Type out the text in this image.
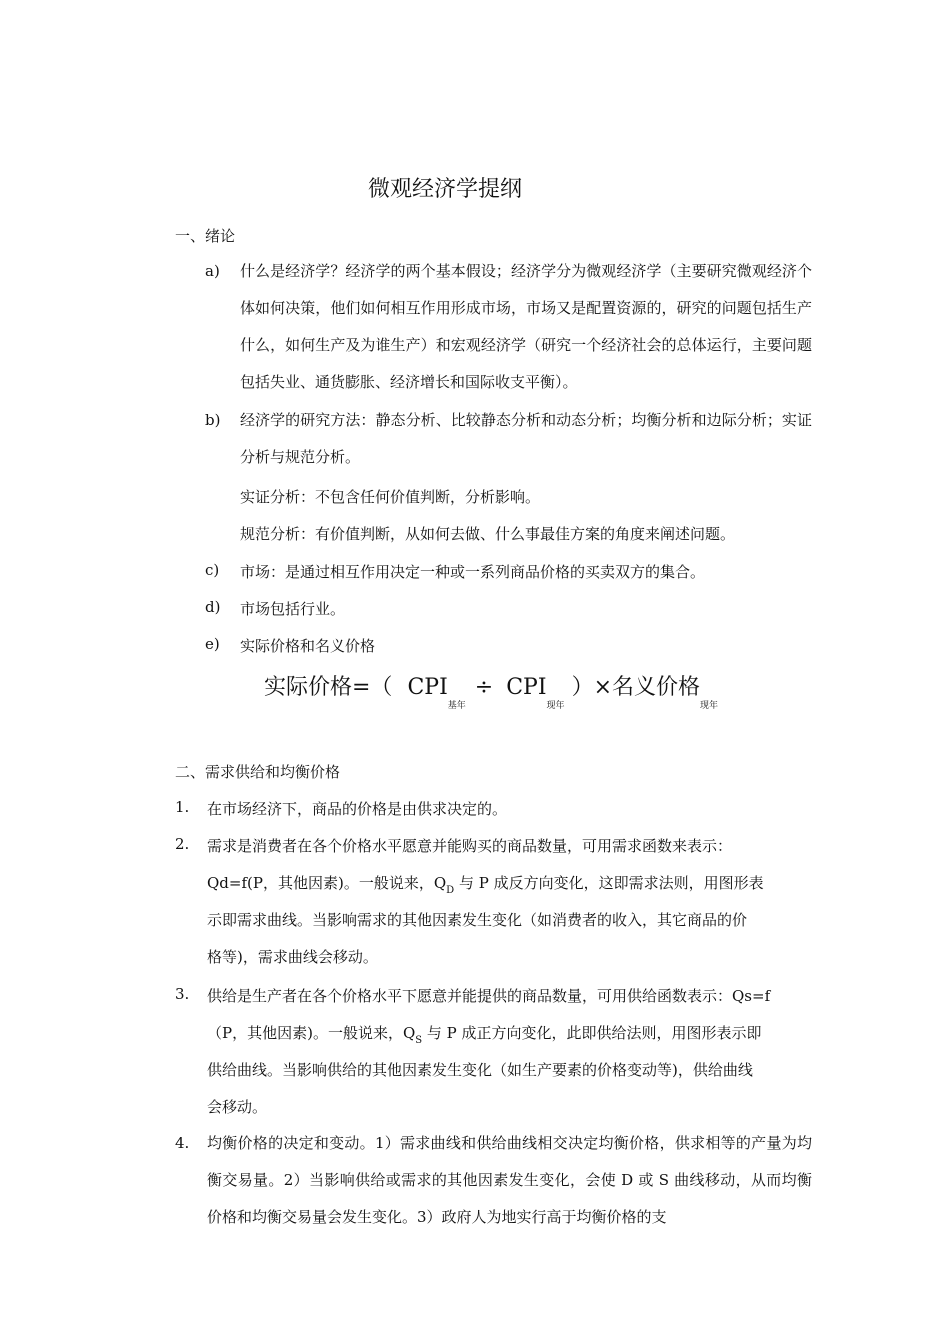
微观经济学提纲
一、绪论
a) 什么是经济学？经济学的两个基本假设；经济学分为微观经济学（主要研究微观经济个体如何决策，他们如何相互作用形成市场，市场又是配置资源的，研究的问题包括生产什么，如何生产及为谁生产）和宏观经济学（研究一个经济社会的总体运行，主要问题包括失业、通货膨胀、经济增长和国际收支平衡）。
b) 经济学的研究方法：静态分析、比较静态分析和动态分析；均衡分析和边际分析；实证分析与规范分析。
实证分析：不包含任何价值判断，分析影响。
规范分析：有价值判断，从如何去做、什么事最佳方案的角度来阐述问题。
c) 市场：是通过相互作用决定一种或一系列商品价格的买卖双方的集合。
d) 市场包括行业。
e) 实际价格和名义价格
实际价格=（ $CPI_{基年} \div CPI_{现年}$ ）×名义价格$_{现年}$
二、需求供给和均衡价格
1. 在市场经济下，商品的价格是由供求决定的。
2. 需求是消费者在各个价格水平愿意并能购买的商品数量，可用需求函数来表示：
Qd=f(P，其他因素)。一般说来，$Q_D$ 与 P 成反方向变化，这即需求法则，用图形表
示即需求曲线。当影响需求的其他因素发生变化（如消费者的收入，其它商品的价
格等)，需求曲线会移动。
3. 供给是生产者在各个价格水平下愿意并能提供的商品数量，可用供给函数表示：Qs=f
（P，其他因素)。一般说来，$Q_S$ 与 P 成正方向变化，此即供给法则，用图形表示即
供给曲线。当影响供给的其他因素发生变化（如生产要素的价格变动等)，供给曲线
会移动。
4. 均衡价格的决定和变动。1）需求曲线和供给曲线相交决定均衡价格，供求相等的产量为均衡交易量。2）当影响供给或需求的其他因素发生变化，会使 D 或 S 曲线移动，从而均衡价格和均衡交易量会发生变化。3）政府人为地实行高于均衡价格的支
